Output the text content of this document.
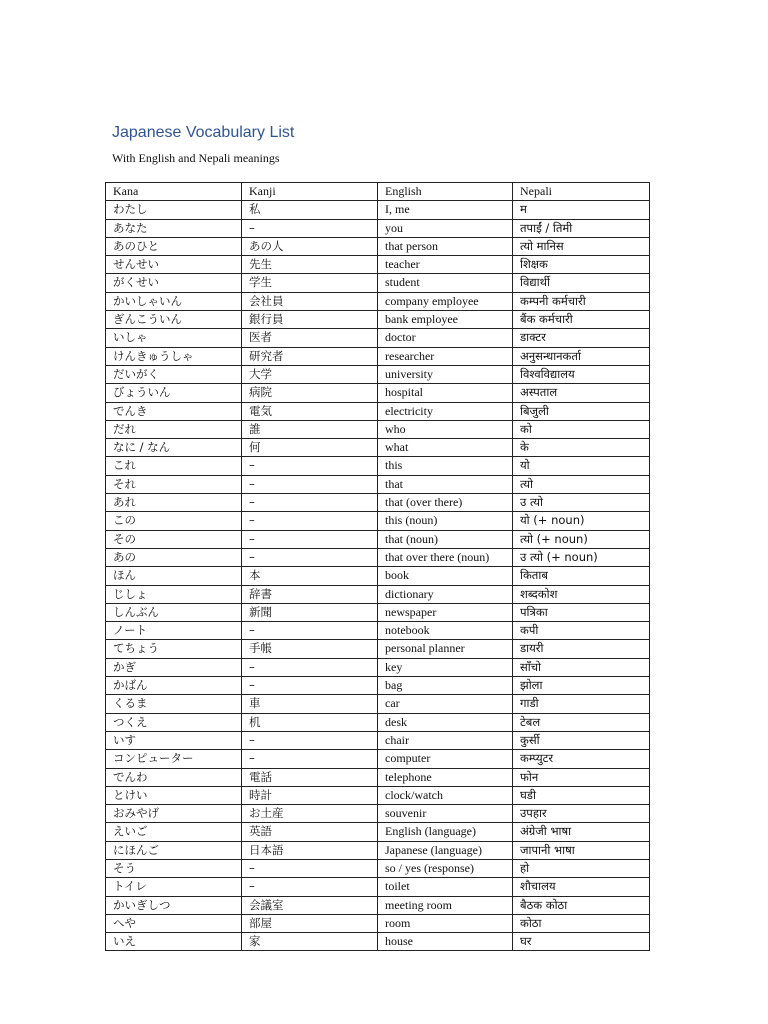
Japanese Vocabulary List

With English and Nepali meanings

Kana	Kanji	English	Nepali
わたし	私	I, me	म
あなた	–	you	तपाईं / तिमी
あのひと	あの人	that person	त्यो मानिस
せんせい	先生	teacher	शिक्षक
がくせい	学生	student	विद्यार्थी
かいしゃいん	会社員	company employee	कम्पनी कर्मचारी
ぎんこういん	銀行員	bank employee	बैंक कर्मचारी
いしゃ	医者	doctor	डाक्टर
けんきゅうしゃ	研究者	researcher	अनुसन्धानकर्ता
だいがく	大学	university	विश्वविद्यालय
びょういん	病院	hospital	अस्पताल
でんき	電気	electricity	बिजुली
だれ	誰	who	को
なに / なん	何	what	के
これ	–	this	यो
それ	–	that	त्यो
あれ	–	that (over there)	उ त्यो
この	–	this (noun)	यो (+ noun)
その	–	that (noun)	त्यो (+ noun)
あの	–	that over there (noun)	उ त्यो (+ noun)
ほん	本	book	किताब
じしょ	辞書	dictionary	शब्दकोश
しんぶん	新聞	newspaper	पत्रिका
ノート	–	notebook	कपी
てちょう	手帳	personal planner	डायरी
かぎ	–	key	साँचो
かばん	–	bag	झोला
くるま	車	car	गाडी
つくえ	机	desk	टेबल
いす	–	chair	कुर्सी
コンピューター	–	computer	कम्प्युटर
でんわ	電話	telephone	फोन
とけい	時計	clock/watch	घडी
おみやげ	お土産	souvenir	उपहार
えいご	英語	English (language)	अंग्रेजी भाषा
にほんご	日本語	Japanese (language)	जापानी भाषा
そう	–	so / yes (response)	हो
トイレ	–	toilet	शौचालय
かいぎしつ	会議室	meeting room	बैठक कोठा
へや	部屋	room	कोठा
いえ	家	house	घर
